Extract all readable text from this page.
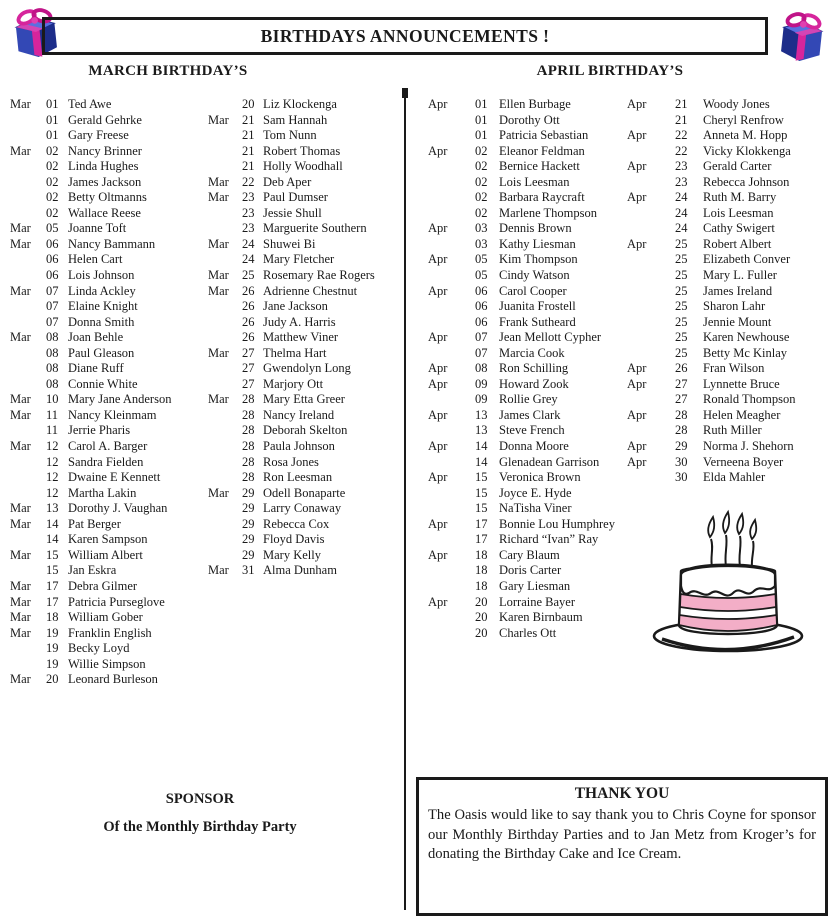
BIRTHDAYS ANNOUNCEMENTS !
MARCH BIRTHDAY’S	APRIL BIRTHDAY’S
Mar	01 Ted Awe
01 Gerald Gehrke
01 Gary Freese
Mar	02 Nancy Brinner
02 Linda Hughes
02 James Jackson
02 Betty Oltmanns
02 Wallace Reese
Mar	05 Joanne Toft
Mar	06 Nancy Bammann
06 Helen Cart
06 Lois Johnson
Mar	07 Linda Ackley
07 Elaine Knight
07 Donna Smith
Mar	08 Joan Behle
08 Paul Gleason
08 Diane Ruff
08 Connie White
Mar	10 Mary Jane Anderson
Mar	11 Nancy Kleinmam
11 Jerrie Pharis
Mar	12 Carol A. Barger
12 Sandra Fielden
12 Dwaine E Kennett
12 Martha Lakin
Mar	13 Dorothy J. Vaughan
Mar	14 Pat Berger
14 Karen Sampson
Mar	15 William Albert
15 Jan Eskra
Mar	17 Debra Gilmer
Mar	17 Patricia Purseglove
Mar	18 William Gober
Mar	19 Franklin English
19 Becky Loyd
19 Willie Simpson
Mar	20 Leonard Burleson
20 Liz Klockenga
Mar	21 Sam Hannah
21 Tom Nunn
21 Robert Thomas
21 Holly Woodhall
Mar	22 Deb Aper
Mar	23 Paul Dumser
23 Jessie Shull
23 Marguerite Southern
Mar	24 Shuwei Bi
24 Mary Fletcher
Mar	25 Rosemary Rae Rogers
Mar	26 Adrienne Chestnut
26 Jane Jackson
26 Judy A. Harris
26 Matthew Viner
Mar	27 Thelma Hart
27 Gwendolyn Long
27 Marjory Ott
Mar	28 Mary Etta Greer
28 Nancy Ireland
28 Deborah Skelton
28 Paula Johnson
28 Rosa Jones
28 Ron Leesman
Mar	29 Odell Bonaparte
29 Larry Conaway
29 Rebecca Cox
29 Floyd Davis
29 Mary Kelly
Mar	31 Alma Dunham
Apr	01 Ellen Burbage
01 Dorothy Ott
01 Patricia Sebastian
Apr	02 Eleanor Feldman
02 Bernice Hackett
02 Lois Leesman
02 Barbara Raycraft
02 Marlene Thompson
Apr	03 Dennis Brown
03 Kathy Liesman
Apr	05 Kim Thompson
05 Cindy Watson
Apr	06 Carol Cooper
06 Juanita Frostell
06 Frank Sutheard
Apr	07 Jean Mellott Cypher
07 Marcia Cook
Apr	08 Ron Schilling
Apr	09 Howard Zook
09 Rollie Grey
Apr	13 James Clark
13 Steve French
Apr	14 Donna Moore
14 Glenadean Garrison
Apr	15 Veronica Brown
15 Joyce E. Hyde
15 NaTisha Viner
Apr	17 Bonnie Lou Humphrey
17 Richard “Ivan” Ray
Apr	18 Cary Blaum
18 Doris Carter
18 Gary Liesman
Apr	20 Lorraine Bayer
20 Karen Birnbaum
20 Charles Ott
Apr	21	Woody Jones
21	Cheryl Renfrow
Apr	22	Anneta M. Hopp
22	Vicky Klokkenga
Apr	23	Gerald Carter
23	Rebecca Johnson
Apr	24	Ruth M. Barry
24	Lois Leesman
24	Cathy Swigert
Apr	25	Robert Albert
25	Elizabeth Conver
25	Mary L. Fuller
25	James Ireland
25	Sharon Lahr
25	Jennie Mount
25	Karen Newhouse
25	Betty Mc Kinlay
Apr	26	Fran Wilson
Apr	27	Lynnette Bruce
27	Ronald Thompson
Apr	28	Helen Meagher
28	Ruth Miller
Apr	29	Norma J. Shehorn
Apr	30	Verneena Boyer
30	Elda Mahler

SPONSOR

Of the Monthly Birthday Party

THANK YOU

The Oasis would like to say thank you to Chris Coyne for sponsor our Monthly Birthday Parties and to Jan Metz from Kroger’s for donating the Birthday Cake and Ice Cream.
